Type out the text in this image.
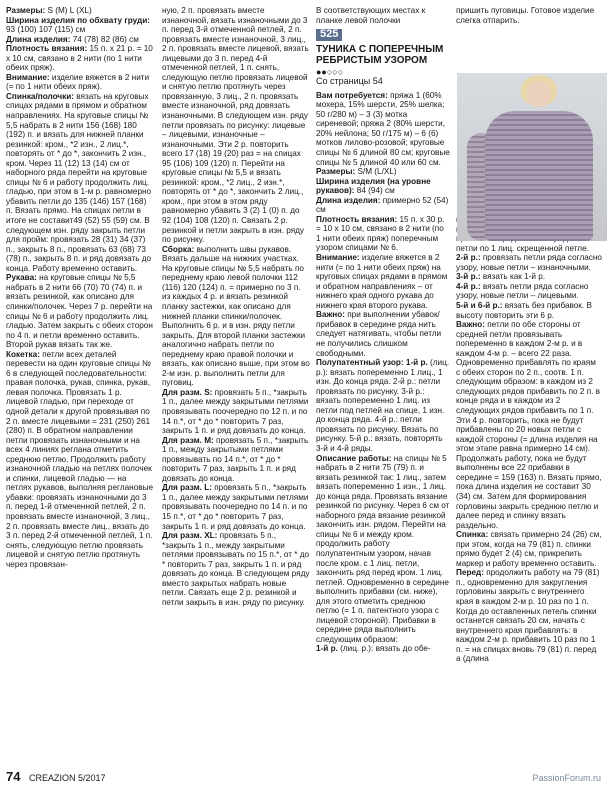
Размеры: S (M) L (XL)

Ширина изделия по обхвату груди: 93 (100) 107 (115) см

Длина изделия: 74 (78) 82 (86) см

Плотность вязания: 15 п. х 21 р. = 10 х 10 см, связано в 2 нити (по 1 нити обеих пряж).

Внимание: изделие вяжется в 2 нити (= по 1 нити обеих пряж).

Спинка/полочки: вязать на круговых спицах рядами в прямом и обратном направлениях. На круговые спицы № 5,5 набрать в 2 нити 156 (168) 180 (192) п. и вязать для нижней планки резинкой: кром., *2 изн., 2 лиц.*, повторять от * до *, закончить 2 изн., кром. Через 11 (12) 13 (14) см от наборного ряда перейти на круговые спицы № 6 и работу продолжить лиц. гладью, при этом в 1-м р. равномерно убавить петли до 135 (146) 157 (168) п. Вязать прямо. На спицах петли в итоге не составит49 (52) 55 (59) см. В следующем изн. ряду закрыть петли для пройм: провязать 28 (31) 34 (37) п., закрыть 8 п., провязать 63 (68) 73 (78) п., закрыть 8 п. и ряд довязать до конца. Работу временно оставить.

Рукава: на круговые спицы № 5,5 набрать в 2 нити 66 (70) 70 (74) п. и вязать резинкой, как описано для спинки/полочек. Через 7 р. перейти на спицы № 6 и работу продолжить лиц. гладью. Затем закрыть с обеих сторон по 4 п. и петли временно оставить. Второй рукав вязать так же.

Кокетка: петли всех деталей перевести на один круговые спицы № 6 в следующей последовательности: правая полочка, рукав, спинка, рукав, левая полочка. Провязать 1 р. лицевой гладью, при переходе от одной детали к другой провязывая по 2 п. вместе лицевыми = 231 (250) 261 (280) п. В обратном направлении петли провязать изнаночными и на всех 4 линиях реглана отметить среднюю петлю. Продолжить работу изнаночной гладью на петлях полочек и спинки, лицевой гладью — на петлях рукавов, выполняя реглановые убавки: провязать изнаночными до 3 п. перед 1-й отмеченной петлей, 2 п. провязать вместе изнаночной, 3 лиц., 2 п. провязать вместе лиц., вязать до 3 п. перед 2-й отмеченной петлей, 1 п. снять, следующую петлю провязать лицевой и снятую петлю протянуть через провязан-

ную, 2 п. провязать вместе изнаночной, вязать изнаночными до 3 п. перед 3-й отмеченной петлей, 2 п. провязать вместе изнаночной, 3 лиц., 2 п. провязать вместе лицевой, вязать лицевыми до 3 п. перед 4-й отмеченной петлей, 1 п. снять, следующую петлю провязать лицевой и снятую петлю протянуть через провязанную, 3 лиц., 2 п. провязать вместе изнаночной, ряд довязать изнаночными. В следующем изн. ряду петли провязать по рисунку: лицевые – лицевыми, изнаночные – изнаночными. Эти 2 р. повторить всего 17 (18) 19 (20) раз = на спицах 95 (106) 109 (120) п. Перейти на круговые спицы № 5,5 и вязать резинкой: кром., *2 лиц., 2 изн.*, повторять от * до *, закончить 2 лиц., кром., при этом в этом ряду равномерно убавить 3 (2) 1 (0) п. до 92 (104) 108 (120) п. Связать 2 р. резинкой и петли закрыть в изн. ряду по рисунку.

Сборка: выполнить швы рукавов. Вязать дальше на нижних участках. На круговые спицы № 5,5 набрать по переднему краю левой полочки 112 (116) 120 (124) п. = примерно по 3 п. из каждых 4 р. и вязать резинкой планку застежки, как описано для нижней планки спинки/полочек. Выполнить 6 р. и в изн. ряду петли закрыть. Для второй планки застежки аналогично набрать петли по переднему краю правой полочки и вязать, как описано выше, при этом во 2-м изн. р. выполнить петли для пуговиц.

Для разм. S: провязать 5 п., *закрыть 1 п., далее между закрытыми петлями провязывать поочередно по 12 п. и по 14 п.*, от * до * повторить 7 раз, закрыть 1 п. и ряд довязать до конца.

Для разм. M: провязать 5 п., *закрыть 1 п., между закрытыми петлями провязывать по 14 п.*, от * до * повторить 7 раз, закрыть 1 п. и ряд довязать до конца.

Для разм. L: провязать 5 п., *закрыть 1 п., далее между закрытыми петлями провязывать поочередно по 14 п. и по 15 п.*, от * до * повторить 7 раз, закрыть 1 п. и ряд довязать до конца.

Для разм. XL: провязать 5 п., *закрыть 1 п., между закрытыми петлями провязывать по 15 п.*, от * до * повторить 7 раз, закрыть 1 п. и ряд довязать до конца. В следующем ряду вместо закрытых набрать новые петли. Связать еще 2 р. резинкой и петли закрыть в изн. ряду по рисунку.

В соответствующих местах к планке левой полочки

525
ТУНИКА С ПОПЕРЕЧНЫМ РЕБРИСТЫМ УЗОРОМ
●●○○○
Со страницы 54

Вам потребуется: пряжа 1 (60% мохера, 15% шерсти, 25% шелка; 50 г/280 м) – 3 (3) мотка сиреневой; пряжа 2 (80% шерсти, 20% нейлона; 50 г/175 м) – 6 (6) мотков лилово-розовой; круговые спицы № 6 длиной 80 см; круговые спицы № 5 длиной 40 или 60 см.

Размеры: S/M (L/XL)

Ширина изделия (на уровне рукавов): 84 (94) см

Длина изделия: примерно 52 (54) см

Плотность вязания: 15 п. х 30 р. = 10 х 10 см, связано в 2 нити (по 1 нити обеих пряж) поперечным узором спицами № 6.

Внимание: изделие вяжется в 2 нити (= по 1 нити обеих пряж) на круговых спицах рядами в прямом и обратном направлениях – от нижнего края одного рукава до нижнего края второго рукава.

Важно: при выполнении убавок/прибавок в середине ряда нить следует натягивать, чтобы петли не получились слишком свободными.

Полупатентный узор: 1-й р. (лиц. р.): вязать попеременно 1 лиц., 1 изн. До конца ряда. 2-й р.: петли провязать по рисунку. 3-й р.: вязать попеременно 1 лиц. из петли под петлей на спице, 1 изн. до конца ряда. 4-й р.: петли провязать по рисунку. Вязать по рисунку. 5-й р.: вязать, повторять 3-й и 4-й ряды.

Описание работы: на спицы № 5 набрать в 2 нити 75 (79) п. и вязать резинкой так: 1 лиц., затем вязать попеременно 1 изн., 1 лиц. до конца ряда. Провязать вязание резинкой по рисунку. Через 6 см от наборного ряда вязание резинкой закончить изн. рядом. Перейти на спицы № 6 и между кром. продолжить работу полупатентным узором, начав после кром. с 1 лиц. петли, закончить ряд перед кром. 1 лиц. петлей. Одновременно в середине выполнить прибавки (см. ниже), для этого отметить среднюю петлю (= 1 п. патентного узора с лицевой стороной). Прибавки в середине ряда выполнить следующим образом:

1-й р. (лиц. р.): вязать до обе-

пришить пуговицы. Готовое изделие слегка отпарить.

петли по 1 лиц. скрещенной петле.

2-й р.: провязать петли ряда согласно узору, новые петли – изнаночными.

3-й р.: вязать как 1-й р.

4-й р.: вязать петли ряда согласно узору, новые петли – лицевыми.

5-й и 6-й р.: вязать без прибавок. В высоту повторить эти 6 р.

Важно: петли по обе стороны от средней петли провязывать попеременно в каждом 2-м р. и в каждом 4-м р. – всего 22 раза. Одновременно прибавлять по краям с обеих сторон по 2 п., соотв. 1 п. следующим образом: в каждом из 2 следующих рядов прибавить по 2 п. в конце ряда и в каждом из 2 следующих рядов прибавить по 1 п. Эти 4 р. повторить, пока не будут прибавлены по 20 новых петли с каждой стороны (= длина изделия на этом этапе равна примерно 14 см). Продолжать работу, пока не будут выполнены все 22 прибавки в середине = 159 (163) п. Вязать прямо, пока длина изделия не составит 30 (34) см. Затем для формирования горловины закрыть среднюю петлю и далее перед и спинку вязать раздельно.

Спинка: связать примерно 24 (26) см, при этом, когда на 79 (81) п. спинки прямо будет 2 (4) см, прикрепить маркер и работу временно оставить.

Перед: продолжить работу на 79 (81) п., одновременно для закругления горловины закрыть с внутреннего края в каждом 2-м р. 10 раз по 1 п. Когда до оставленных петель спинки останется связать 20 см, начать с внутреннего края прибавлять: в каждом 2-м р. прибавить 10 раз по 1 п. = на спицах вновь 79 (81) п. перед а (длина

74 CREAZION 5/2017	PassionForum.ru
